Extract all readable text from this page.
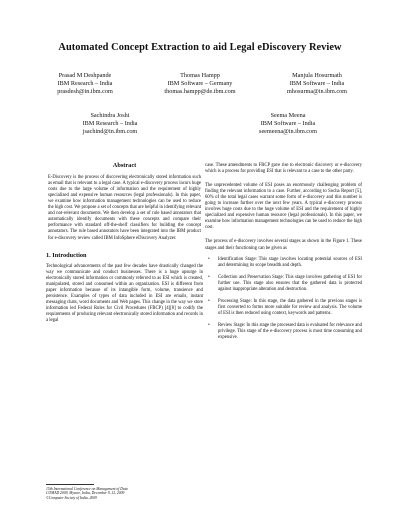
Automated Concept Extraction to aid Legal eDiscovery Review
Prasad M Deshpande
IBM Research – India
prasdesh@in.ibm.com
Thomas Hampp
IBM Software – Germany
thomas.hampp@de.ibm.com
Manjula Hosurmath
IBM Software – India
mhosurma@in.ibm.com
Sachindra Joshi
IBM Research – India
jsachind@in.ibm.com
Seema Meena
IBM Software – India
seemeena@in.ibm.com
Abstract
E-Discovery is the process of discovering electronically stored information such as email that is relevant to a legal case. A typical e-discovery process incurs huge costs due to the large volume of information and the requirement of highly specialized and expensive human resources (legal professionals). In this paper, we examine how information management technologies can be used to reduce the high cost. We propose a set of concepts that are helpful in identifying relevant and not-relevant documents. We then develop a set of rule based annotators that automatically identify documents with these concepts and compare their performance with standard off-the-shelf classifiers for building the concept annotators. The rule based annotators have been integrated into the IBM product for e-discovery review called IBM InfoSphere eDiscovery Analyzer.
1. Introduction
Technological advancements of the past few decades have drastically changed the way we communicate and conduct businesses. There is a huge upsurge in electronically stored information or commonly referred to as ESI which is created, manipulated, stored and consumed within an organization. ESI is different from paper information because of its intangible form, volume, transience and persistence. Examples of types of data included in ESI are emails, instant messaging chats, word documents and Web pages. This change in the way we store information led Federal Rules for Civil Procedures (FRCP) [4][8] to codify the requirements of producing relevant electronically stored information and records in a legal
case. These amendments to FRCP gave rise to electronic discovery or e-discovery which is a process for providing ESI that is relevant to a case to the other party.
The unprecedented volume of ESI poses an enormously challenging problem of finding the relevant information to a case. Further, according to Socha Report [5], 60% of the total legal cases warrant some form of e-discovery and this number is going to increase further over the next few years. A typical e-discovery process involves huge costs due to the huge volume of ESI and the requirement of highly specialized and expensive human resource (legal professionals). In this paper, we examine how information management technologies can be used to reduce the high cost.
The process of e-discovery involves several stages as shown in the Figure 1. These stages and their functioning can be given as
• Identification Stage: This stage involves locating potential sources of ESI and determining its scope breadth and depth.
• Collection and Preservation Stage: This stage involves gathering of ESI for further use. This stage also ensures that the gathered data is protected against inappropriate alteration and destruction.
• Processing Stage: In this stage, the data gathered in the previous stages is first converted to forms more suitable for review and analysis. The volume of ESI is then reduced using context, keywords and patterns.
• Review Stage: In this stage the processed data is evaluated for relevance and privilege. This stage of the e-discovery process is most time consuming and expensive.
15th International Conference on Management of Data
COMAD 2009, Mysore, India, December 9–12, 2009
©Computer Society of India, 2009
